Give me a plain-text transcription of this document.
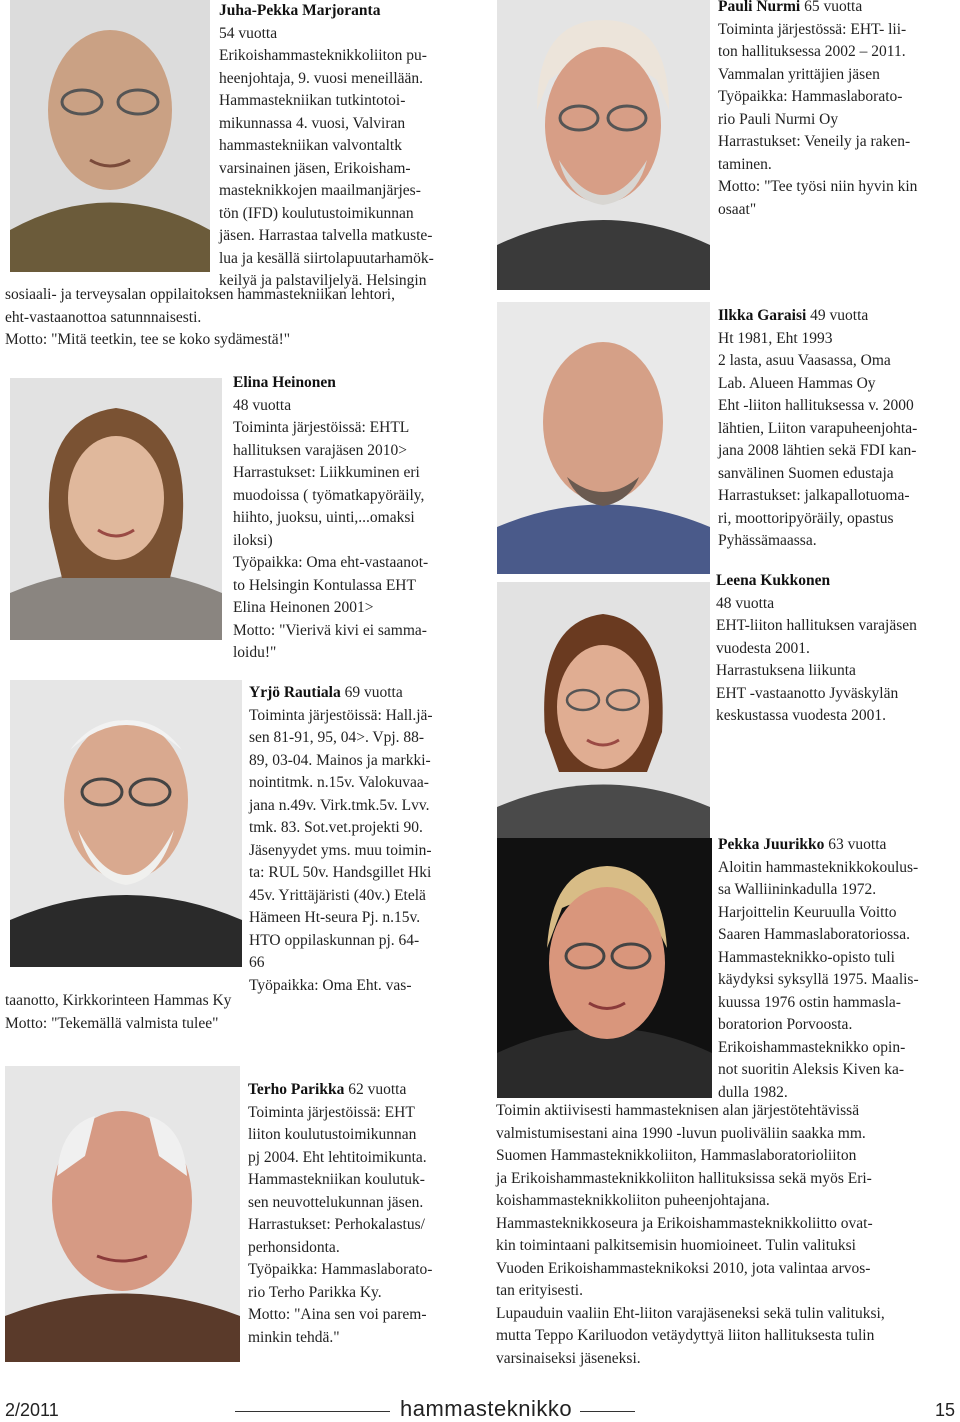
Juha-Pekka Marjoranta

54 vuotta

Erikoishammasteknikkoliiton pu-

heenjohtaja, 9. vuosi meneillään.

Hammastekniikan tutkintotoi-

mikunnassa 4. vuosi, Valviran

hammastekniikan valvontaltk

varsinainen jäsen, Erikoisham-

masteknikkojen maailmanjärjes-

tön (IFD) koulutustoimikunnan

jäsen. Harrastaa talvella matkuste-

lua ja kesällä siirtolapuutarhamök-

keilyä ja palstaviljelyä. Helsingin

sosiaali- ja terveysalan oppilaitoksen hammastekniikan lehtori,

eht-vastaanottoa satunnnaisesti.

Motto: "Mitä teetkin, tee se koko sydämestä!"

Elina Heinonen

48 vuotta

Toiminta järjestöissä: EHTL

hallituksen varajäsen 2010>

Harrastukset: Liikkuminen eri

muodoissa ( työmatkapyöräily,

hiihto, juoksu, uinti,...omaksi

iloksi)

Työpaikka: Oma eht-vastaanot-

to Helsingin Kontulassa EHT

Elina Heinonen 2001>

Motto: "Vierivä kivi ei samma-

loidu!"

Yrjö Rautiala 69 vuotta

Toiminta järjestöissä: Hall.jä-

sen 81-91, 95, 04>. Vpj. 88-

89, 03-04. Mainos ja markki-

nointitmk. n.15v. Valokuvaa-

jana n.49v. Virk.tmk.5v. Lvv.

tmk. 83. Sot.vet.projekti 90.

Jäsenyydet yms. muu toimin-

ta: RUL 50v. Handsgillet Hki

45v. Yrittäjäristi (40v.) Etelä

Hämeen Ht-seura Pj. n.15v.

HTO oppilaskunnan pj. 64-

66

Työpaikka: Oma Eht. vas-

taanotto, Kirkkorinteen Hammas Ky

Motto: "Tekemällä valmista tulee"

Terho Parikka 62 vuotta

Toiminta järjestöissä: EHT

liiton koulutustoimikunnan

pj 2004. Eht lehtitoimikunta.

Hammastekniikan koulutuk-

sen neuvottelukunnan jäsen.

Harrastukset: Perhokalastus/

perhonsidonta.

Työpaikka: Hammaslaborato-

rio Terho Parikka Ky.

Motto: "Aina sen voi parem-

minkin tehdä."

Pauli Nurmi 65 vuotta

Toiminta järjestössä: EHT- lii-

ton hallituksessa 2002 – 2011.

Vammalan yrittäjien jäsen

Työpaikka: Hammaslaborato-

rio Pauli Nurmi Oy

Harrastukset: Veneily ja raken-

taminen.

Motto: "Tee työsi niin hyvin kin

osaat"

Ilkka Garaisi 49 vuotta

Ht 1981, Eht 1993

2 lasta, asuu Vaasassa, Oma

Lab. Alueen Hammas Oy

Eht -liiton hallituksessa v. 2000

lähtien, Liiton varapuheenjohta-

jana 2008 lähtien sekä FDI kan-

sanvälinen Suomen edustaja

Harrastukset: jalkapallotuoma-

ri, moottoripyöräily, opastus

Pyhässämaassa.

Leena Kukkonen

48 vuotta

EHT-liiton hallituksen varajäsen

vuodesta 2001.

Harrastuksena liikunta

EHT -vastaanotto Jyväskylän

keskustassa vuodesta 2001.

Pekka Juurikko 63 vuotta

Aloitin hammasteknikkokoulus-

sa Walliininkadulla 1972.

Harjoittelin Keuruulla Voitto

Saaren Hammaslaboratoriossa.

Hammasteknikko-opisto tuli

käydyksi syksyllä 1975. Maalis-

kuussa 1976 ostin hammasla-

boratorion Porvoosta.

Erikoishammasteknikko opin-

not suoritin Aleksis Kiven ka-

dulla 1982.

Toimin aktiivisesti hammasteknisen alan järjestötehtävissä

valmistumisestani aina 1990 -luvun puoliväliin saakka mm.

Suomen Hammasteknikkoliiton, Hammaslaboratorioliiton

ja Erikoishammasteknikkoliiton hallituksissa sekä myös Eri-

koishammasteknikkoliiton puheenjohtajana.

Hammasteknikkoseura ja Erikoishammasteknikkoliitto ovat-

kin toimintaani palkitsemisin huomioineet. Tulin valituksi

Vuoden Erikoishammasteknikoksi 2010, jota valintaa arvos-

tan erityisesti.

Lupauduin vaaliin Eht-liiton varajäseneksi sekä tulin valituksi,

mutta Teppo Kariluodon vetäydyttyä liiton hallituksesta tulin

varsinaiseksi jäseneksi.

2/2011	hammasteknikko	15
